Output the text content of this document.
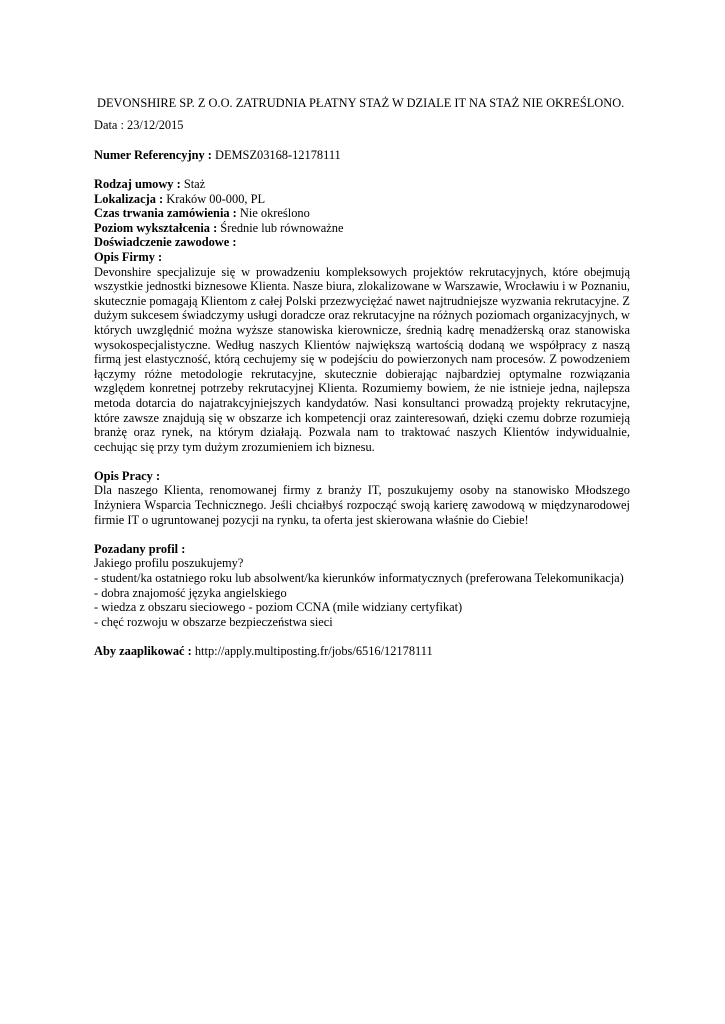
DEVONSHIRE SP. Z O.O. ZATRUDNIA PŁATNY STAŻ W DZIALE IT NA STAŻ NIE OKREŚLONO.
Data : 23/12/2015
Numer Referencyjny : DEMSZ03168-12178111
Rodzaj umowy : Staż
Lokalizacja : Kraków 00-000, PL
Czas trwania zamówienia : Nie określono
Poziom wykształcenia : Średnie lub równoważne
Doświadczenie zawodowe :
Opis Firmy :

Devonshire specjalizuje się w prowadzeniu kompleksowych projektów rekrutacyjnych, które obejmują wszystkie jednostki biznesowe Klienta. Nasze biura, zlokalizowane w Warszawie, Wrocławiu i w Poznaniu, skutecznie pomagają Klientom z całej Polski przezwyciężać nawet najtrudniejsze wyzwania rekrutacyjne. Z dużym sukcesem świadczymy usługi doradcze oraz rekrutacyjne na różnych poziomach organizacyjnych, w których uwzględnić można wyższe stanowiska kierownicze, średnią kadrę menadżerską oraz stanowiska wysokospecjalistyczne. Według naszych Klientów największą wartością dodaną we współpracy z naszą firmą jest elastyczność, którą cechujemy się w podejściu do powierzonych nam procesów. Z powodzeniem łączymy różne metodologie rekrutacyjne, skutecznie dobierając najbardziej optymalne rozwiązania względem konretnej potrzeby rekrutacyjnej Klienta. Rozumiemy bowiem, że nie istnieje jedna, najlepsza metoda dotarcia do najatrakcyjniejszych kandydatów. Nasi konsultanci prowadzą projekty rekrutacyjne, które zawsze znajdują się w obszarze ich kompetencji oraz zainteresowań, dzięki czemu dobrze rozumieją branżę oraz rynek, na którym działają. Pozwala nam to traktować naszych Klientów indywidualnie, cechując się przy tym dużym zrozumieniem ich biznesu.

Opis Pracy :

Dla naszego Klienta, renomowanej firmy z branży IT, poszukujemy osoby na stanowisko Młodszego Inżyniera Wsparcia Technicznego. Jeśli chciałbyś rozpocząć swoją karierę zawodową w międzynarodowej firmie IT o ugruntowanej pozycji na rynku, ta oferta jest skierowana właśnie do Ciebie!

Pozadany profil :
Jakiego profilu poszukujemy?
- student/ka ostatniego roku lub absolwent/ka kierunków informatycznych (preferowana Telekomunikacja)
- dobra znajomość języka angielskiego
- wiedza z obszaru sieciowego - poziom CCNA (mile widziany certyfikat)
- chęć rozwoju w obszarze bezpieczeństwa sieci
Aby zaaplikować : http://apply.multiposting.fr/jobs/6516/12178111
